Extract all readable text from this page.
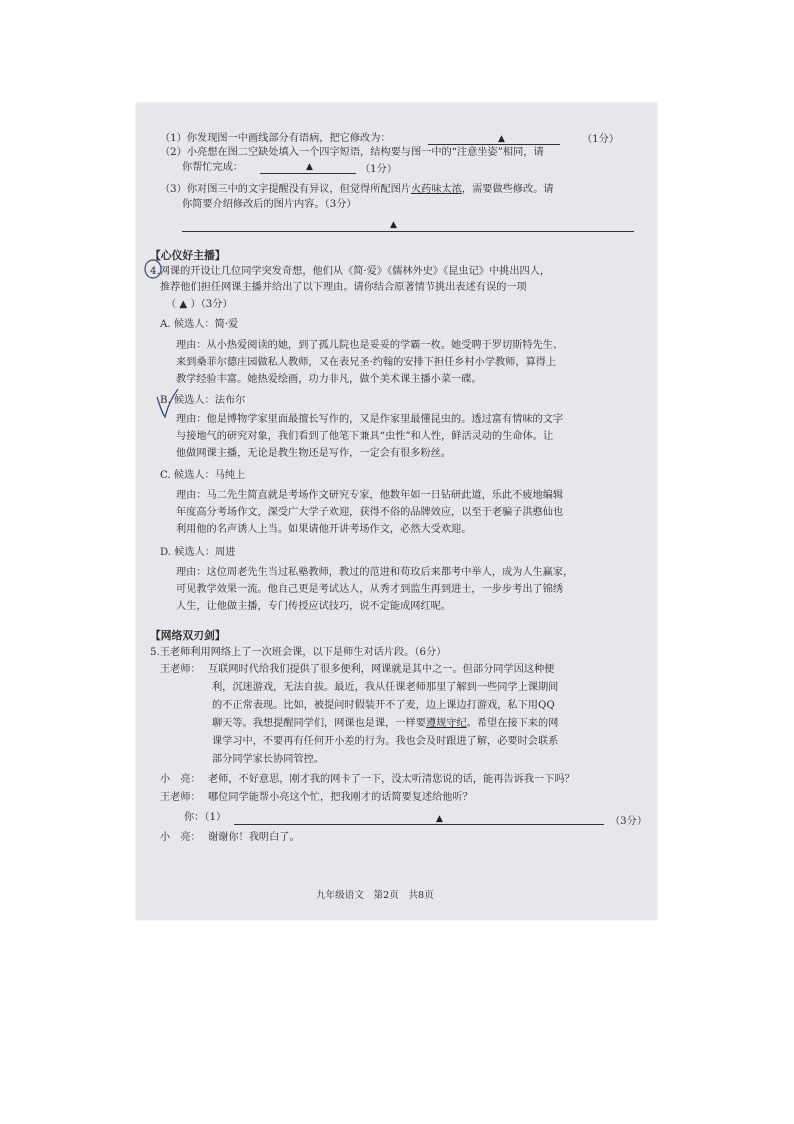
（1）你发现图一中画线部分有语病，把它修改为：	▲	（1分）
（2）小亮想在图二空缺处填入一个四字短语，结构要与图一中的“注意坐姿”相同，请
你帮忙完成：	▲	（1分）
（3）你对图三中的文字提醒没有异议，但觉得所配图片火药味太浓，需要做些修改。请
你简要介绍修改后的图片内容。（3分）
▲
【心仪好主播】
4.网课的开设让几位同学突发奇想，他们从《简·爱》《儒林外史》《昆虫记》中挑出四人，
推荐他们担任网课主播并给出了以下理由。请你结合原著情节挑出表述有误的一项
（ ▲ ）（3分）
A. 候选人：简·爱
理由：从小热爱阅读的她，到了孤儿院也是妥妥的学霸一枚。她受聘于罗切斯特先生、
来到桑菲尔德庄园做私人教师，又在表兄圣·约翰的安排下担任乡村小学教师，算得上
教学经验丰富。她热爱绘画，功力非凡，做个美术课主播小菜一碟。
B. 候选人：法布尔
理由：他是博物学家里面最擅长写作的，又是作家里最懂昆虫的。透过富有情味的文字
与接地气的研究对象，我们看到了他笔下兼具“虫性”和人性，鲜活灵动的生命体。让
他做网课主播，无论是教生物还是写作，一定会有很多粉丝。
C. 候选人：马纯上
理由：马二先生简直就是考场作文研究专家，他数年如一日钻研此道，乐此不疲地编辑
年度高分考场作文，深受广大学子欢迎，获得不俗的品牌效应，以至于老骗子洪憨仙也
利用他的名声诱人上当。如果请他开讲考场作文，必然大受欢迎。
D. 候选人：周进
理由：这位周老先生当过私塾教师，教过的范进和荀玫后来都考中举人，成为人生赢家，
可见教学效果一流。他自己更是考试达人，从秀才到监生再到进士，一步步考出了锦绣
人生，让他做主播，专门传授应试技巧，说不定能成网红呢。
【网络双刃剑】
5.王老师利用网络上了一次班会课，以下是师生对话片段。（6分）
王老师： 互联网时代给我们提供了很多便利，网课就是其中之一。但部分同学因这种便
利，沉迷游戏，无法自拔。最近，我从任课老师那里了解到一些同学上课期间
的不正常表现。比如，被提问时假装开不了麦，边上课边打游戏，私下用QQ
聊天等。我想提醒同学们，网课也是课，一样要遵规守纪。希望在接下来的网
课学习中，不要再有任何开小差的行为。我也会及时跟进了解，必要时会联系
部分同学家长协同管控。
小　亮： 老师，不好意思，刚才我的网卡了一下，没太听清您说的话，能再告诉我一下吗？
王老师： 哪位同学能帮小亮这个忙，把我刚才的话简要复述给他听？
你：（1）	▲	（3分）
小　亮： 谢谢你！我明白了。
九年级语文　第2页　共8页
